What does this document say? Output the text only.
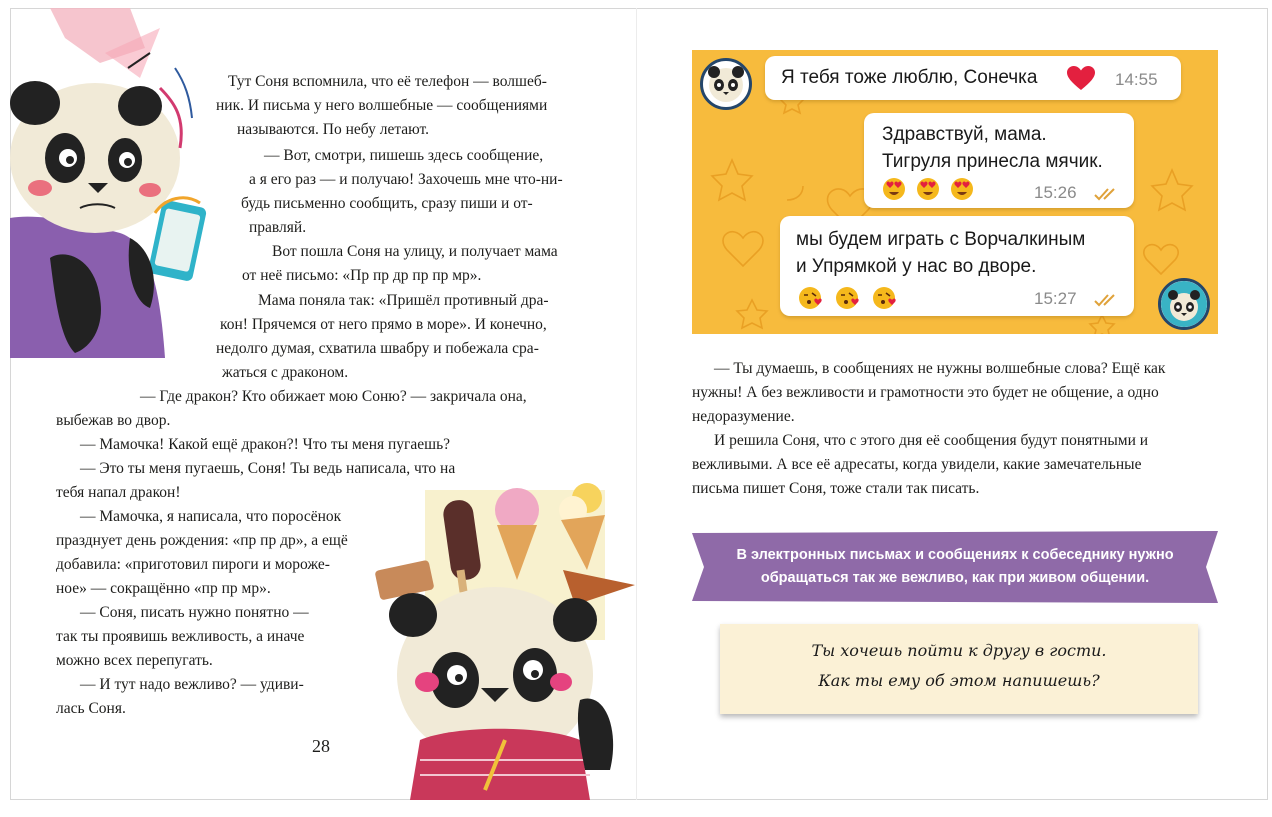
Тут Соня вспомнила, что её телефон — волшеб-
ник. И письма у него волшебные — сообщениями
называются. По небу летают.
— Вот, смотри, пишешь здесь сообщение,
а я его раз — и получаю! Захочешь мне что-ни-
будь письменно сообщить, сразу пиши и от-
правляй.
Вот пошла Соня на улицу, и получает мама
от неё письмо: «Пр пр др пр пр мр».
Мама поняла так: «Пришёл противный дра-
кон! Прячемся от него прямо в море». И конечно,
недолго думая, схватила швабру и побежала сра-
жаться с драконом.
— Где дракон? Кто обижает мою Соню? — закричала она,
выбежав во двор.
— Мамочка! Какой ещё дракон?! Что ты меня пугаешь?
— Это ты меня пугаешь, Соня! Ты ведь написала, что на
тебя напал дракон!
— Мамочка, я написала, что поросёнок
празднует день рождения: «пр пр др», а ещё
добавила: «приготовил пироги и мороже-
ное» — сокращённо «пр пр мр».
— Соня, писать нужно понятно —
так ты проявишь вежливость, а иначе
можно всех перепугать.
— И тут надо вежливо? — удиви-
лась Соня.
28
Я тебя тоже люблю, Сонечка	14:55
Здравствуй, мама.
Тигруля принесла мячик.
15:26
мы будем играть с Ворчалкиным
и Упрямкой у нас во дворе.
15:27
— Ты думаешь, в сообщениях не нужны волшебные слова? Ещё как
нужны! А без вежливости и грамотности это будет не общение, а одно
недоразумение.
И решила Соня, что с этого дня её сообщения будут понятными и
вежливыми. А все её адресаты, когда увидели, какие замечательные
письма пишет Соня, тоже стали так писать.
В электронных письмах и сообщениях к собеседнику нужно
обращаться так же вежливо, как при живом общении.
Ты хочешь пойти к другу в гости.
Как ты ему об этом напишешь?
